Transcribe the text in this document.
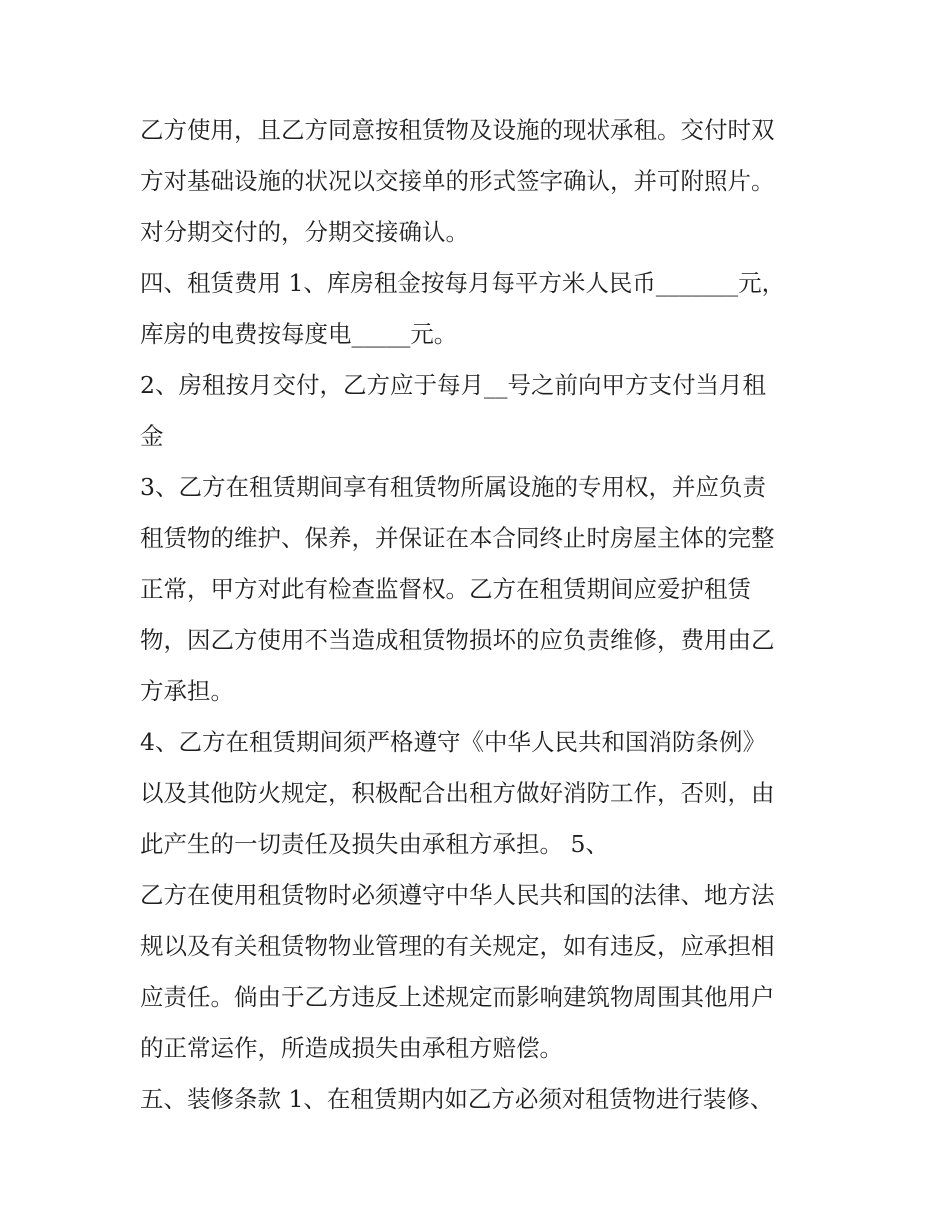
乙方使用，且乙方同意按租赁物及设施的现状承租。交付时双
方对基础设施的状况以交接单的形式签字确认，并可附照片。
对分期交付的，分期交接确认。
四、租赁费用 1、库房租金按每月每平方米人民币_______元，
库房的电费按每度电_____元。
2、房租按月交付，乙方应于每月__号之前向甲方支付当月租
金
3、乙方在租赁期间享有租赁物所属设施的专用权，并应负责
租赁物的维护、保养，并保证在本合同终止时房屋主体的完整
正常，甲方对此有检查监督权。乙方在租赁期间应爱护租赁
物，因乙方使用不当造成租赁物损坏的应负责维修，费用由乙
方承担。
4、乙方在租赁期间须严格遵守《中华人民共和国消防条例》
以及其他防火规定，积极配合出租方做好消防工作，否则，由
此产生的一切责任及损失由承租方承担。 5、
乙方在使用租赁物时必须遵守中华人民共和国的法律、地方法
规以及有关租赁物物业管理的有关规定，如有违反，应承担相
应责任。倘由于乙方违反上述规定而影响建筑物周围其他用户
的正常运作，所造成损失由承租方赔偿。
五、装修条款 1、在租赁期内如乙方必须对租赁物进行装修、
